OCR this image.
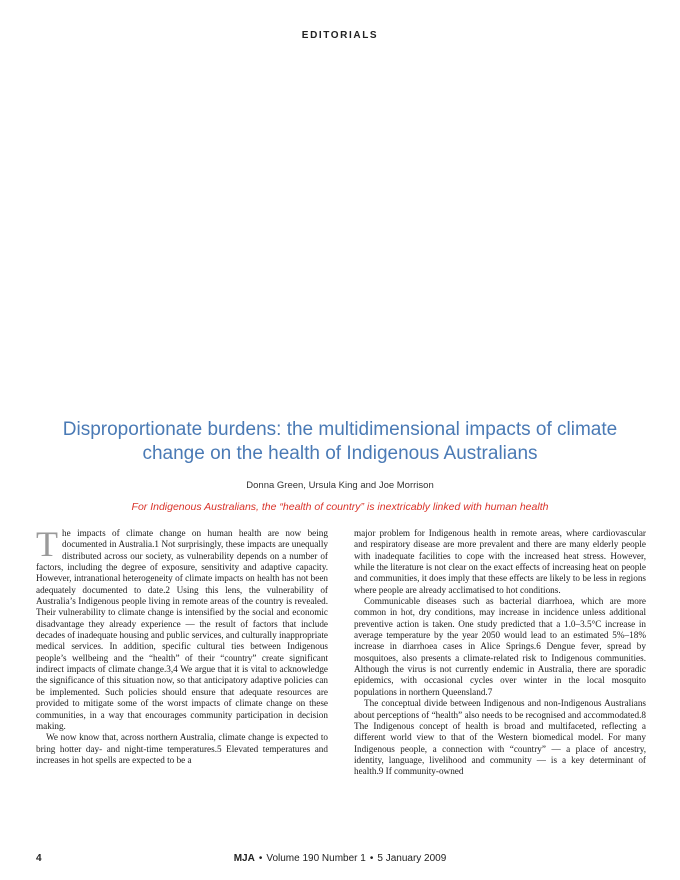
EDITORIALS
Disproportionate burdens: the multidimensional impacts of climate change on the health of Indigenous Australians
Donna Green, Ursula King and Joe Morrison
For Indigenous Australians, the “health of country” is inextricably linked with human health

The impacts of climate change on human health are now being documented in Australia.1 Not surprisingly, these impacts are unequally distributed across our society, as vulnerability depends on a number of factors, including the degree of exposure, sensitivity and adaptive capacity. However, intranational heterogeneity of climate impacts on health has not been adequately documented to date.2 Using this lens, the vulnerability of Australia’s Indigenous people living in remote areas of the country is revealed. Their vulnerability to climate change is intensified by the social and economic disadvantage they already experience — the result of factors that include decades of inadequate housing and public services, and culturally inappropriate medical services. In addition, specific cultural ties between Indigenous people’s wellbeing and the “health” of their “country” create significant indirect impacts of climate change.3,4 We argue that it is vital to acknowledge the significance of this situation now, so that anticipatory adaptive policies can be implemented. Such policies should ensure that adequate resources are provided to mitigate some of the worst impacts of climate change on these communities, in a way that encourages community participation in decision making.

We now know that, across northern Australia, climate change is expected to bring hotter day- and night-time temperatures.5 Elevated temperatures and increases in hot spells are expected to be a

major problem for Indigenous health in remote areas, where cardiovascular and respiratory disease are more prevalent and there are many elderly people with inadequate facilities to cope with the increased heat stress. However, while the literature is not clear on the exact effects of increasing heat on people and communities, it does imply that these effects are likely to be less in regions where people are already acclimatised to hot conditions.

Communicable diseases such as bacterial diarrhoea, which are more common in hot, dry conditions, may increase in incidence unless additional preventive action is taken. One study predicted that a 1.0–3.5°C increase in average temperature by the year 2050 would lead to an estimated 5%–18% increase in diarrhoea cases in Alice Springs.6 Dengue fever, spread by mosquitoes, also presents a climate-related risk to Indigenous communities. Although the virus is not currently endemic in Australia, there are sporadic epidemics, with occasional cycles over winter in the local mosquito populations in northern Queensland.7

The conceptual divide between Indigenous and non-Indigenous Australians about perceptions of “health” also needs to be recognised and accommodated.8 The Indigenous concept of health is broad and multifaceted, reflecting a different world view to that of the Western biomedical model. For many Indigenous people, a connection with “country” — a place of ancestry, identity, language, livelihood and community — is a key determinant of health.9 If community-owned

4	MJA • Volume 190 Number 1 • 5 January 2009
